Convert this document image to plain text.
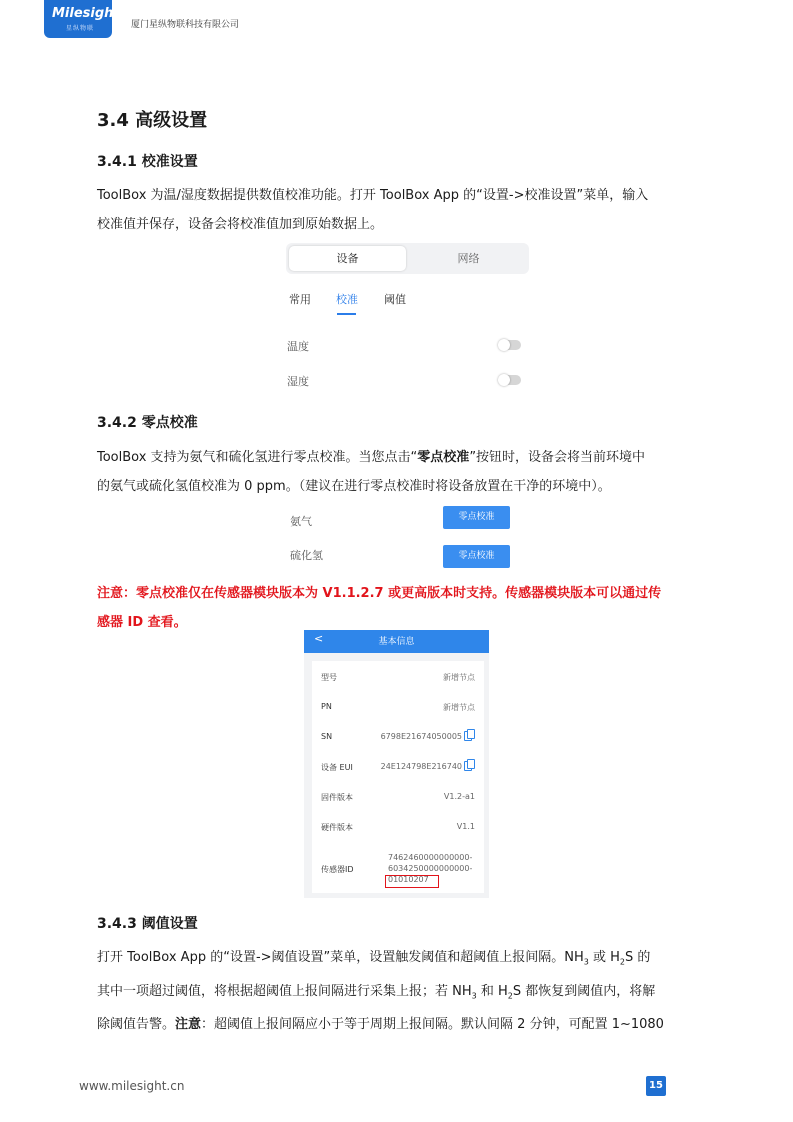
Milesight
星纵物联	厦门星纵物联科技有限公司
3.4 高级设置
3.4.1 校准设置
ToolBox 为温/湿度数据提供数值校准功能。打开 ToolBox App 的“设置->校准设置”菜单，输入
校准值并保存，设备会将校准值加到原始数据上。
设备	网络
常用 校准 阈值
温度
湿度
3.4.2 零点校准
ToolBox 支持为氨气和硫化氢进行零点校准。当您点击“零点校准”按钮时，设备会将当前环境中
的氨气或硫化氢值校准为 0 ppm。（建议在进行零点校准时将设备放置在干净的环境中）。
氨气	零点校准
硫化氢	零点校准
注意：零点校准仅在传感器模块版本为 V1.1.2.7 或更高版本时支持。传感器模块版本可以通过传
感器 ID 查看。
<	基本信息
型号	新增节点
PN	新增节点
SN	6798E21674050005
设备 EUI	24E124798E216740
固件版本	V1.2-a1
硬件版本	V1.1
传感器ID
7462460000000000-
6034250000000000-
01010207
3.4.3 阈值设置
打开 ToolBox App 的“设置->阈值设置”菜单，设置触发阈值和超阈值上报间隔。$NH_3$ 或 $H_2S$ 的
其中一项超过阈值，将根据超阈值上报间隔进行采集上报；若 $NH_3$ 和 $H_2S$ 都恢复到阈值内，将解
除阈值告警。注意：超阈值上报间隔应小于等于周期上报间隔。默认间隔 2 分钟，可配置 1~1080
www.milesight.cn	15
